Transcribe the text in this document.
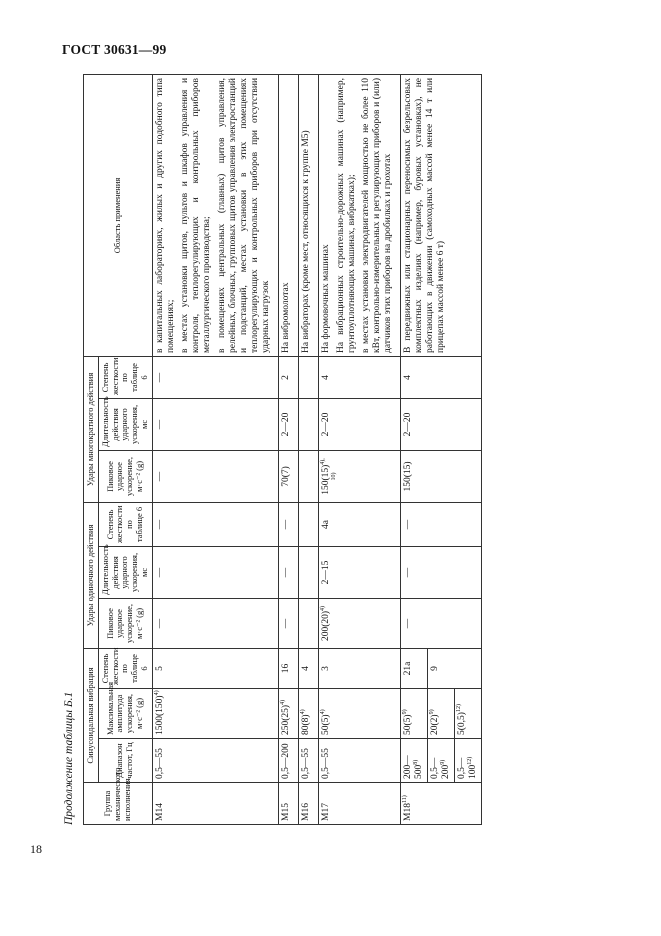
ГОСТ 30631—99
18
Продолжение таблицы Б.1	Группа механического исполнения	Синусоидальная вибрация			Удары одиночного действия			Удары многократного действия			Область применения
	Диапазон частот, Гц	Максимальная амплитуда ускорения, м·с⁻² (g)	Степень жесткости по таблице 6	Пиковое ударное ускорение, м·с⁻² (g)	Длительность действия ударного ускорения, мс	Степень жесткости по таблице 6	Пиковое ударное ускорение, м·с⁻² (g)	Длительность действия ударного ускорения, мс	Степень жесткости по таблице 6	
М14	0,5—55	$1500(150)^{4)}$	5	—	—	—	—	—	—	в капитальных лабораториях, жилых и других подобного типа помещениях; в местах установки щитов, пультов и шкафов управления и контроля, теплорегулирующих и контрольных приборов металлургического производства; в помещениях центральных (главных) щитов управления, релейных, блочных, групповых щитов управления электростанций и подстанций, местах установки в этих помещениях теплорегулирующих и контрольных приборов при отсутствии ударных нагрузок

М15	0,5—200	$250(25)^{4)}$	16	—	—	—	70(7)	2—20	2	На вибромолотах

М16	0,5—55	$80(8)^{4)}$	4							На вибраторах (кроме мест, относящихся к группе М5)

М17	0,5—55	$50(5)^{4)}$	3	$200(20)^{4)}$	2—15	4а	$150(15)^{4), 10)}$	2—20	4	На формовочных машинах На вибрационных строительно-дорожных машинах (например, грунтоуплотняющих машинах, вибркатках); в местах установки электродвигателей мощностью не более 110 кВт, контрольно-измерительных и регулирующих приборов и (или) датчиков этих приборов на дробилках и грохотах

М18$^{11)}$	200—500$^{8)}$	$50(5)^{9)}$	21а	—	—	—	150(15)	2—20	4	В передвижных или стационарных переносимых безрельсовых комплектных изделиях (например, буровых установках), не работающих в движении (самоходных массой менее 14 т или прицепах массой менее 6 т)

	0,5—200$^{9)}$	$20(2)^{9)}$	9							
	0,5—100$^{12)}$	$5(0,5)^{12)}$
